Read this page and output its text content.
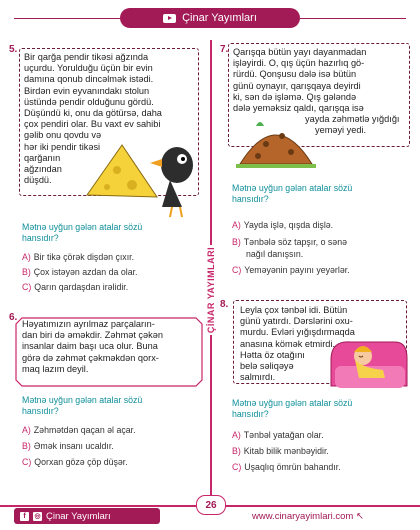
Çinar Yayımları
ÇİNAR YAYIMLARI
5.
Bir qarğa pendir tikəsi ağzında
uçurdu. Yoruldu͏ğu üçün bir evin
damına qonub dincəlmək istədi.
Birdən evin eyvanındakı stolun
üstündə pendir olduğunu gördü.
Düşündü ki, onu da götürsə, daha
çox pendiri olar. Bu vaxt ev sahibi
gəlib onu qovdu və
hər iki pendir tikəsi
qarğanın
ağzından
düşdü.
Mətnə uyğun gələn atalar sözü
hansıdır?
A) Bir tikə çörək dişdən çıxır.
B) Çox istəyən azdan da olar.
C) Qarın qardaşdan irəlidir.
6.
Həyatımızın ayrılmaz parçaların-
dan biri də əməkdir. Zəhmət çəkən
insanlar daim başı uca olur. Buna
görə də zəhmət çəkməkdən qorx-
maq lazım deyil.
Mətnə uyğun gələn atalar sözü
hansıdır?
A) Zəhmətdən qaçan əl açar.
B) Əmək insanı ucaldır.
C) Qorxan gözə çöp düşər.
7. Qarışqa bütün yayı dayanmadan
işləyirdi. O, qış üçün hazırlıq gö-
rürdü. Qonşusu dələ isə bütün
günü oynayır, qarışqaya deyirdi
ki, sən də işləmə. Qış gələndə
dələ yeməksiz qaldı, qarışqa isə
yayda zəhmətlə yığdığı
yeməyi yedi.
Mətnə uyğun gələn atalar sözü
hansıdır?
A) Yayda işlə, qışda dişlə.
B) Tənbələ söz tapşır, o sənə
nağıl danışsın.
C) Yeməyənin payını yeyərlər.
8. Leyla çox tənbəl idi. Bütün
günü yatırdı. Dərslərini oxu-
murdu. Evləri yığışdırmaqda
anasına kömək etmirdi.
Hətta öz otağını
belə səliqəyə
salmırdı.
Mətnə uyğun gələn atalar sözü
hansıdır?
A) Tənbəl yatağan olar.
B) Kitab bilik mənbəyidir.
C) Uşaqlıq ömrün bahandır.
f	◎ Çinar Yayımları
26
www.cinaryayimlari.com ↖
